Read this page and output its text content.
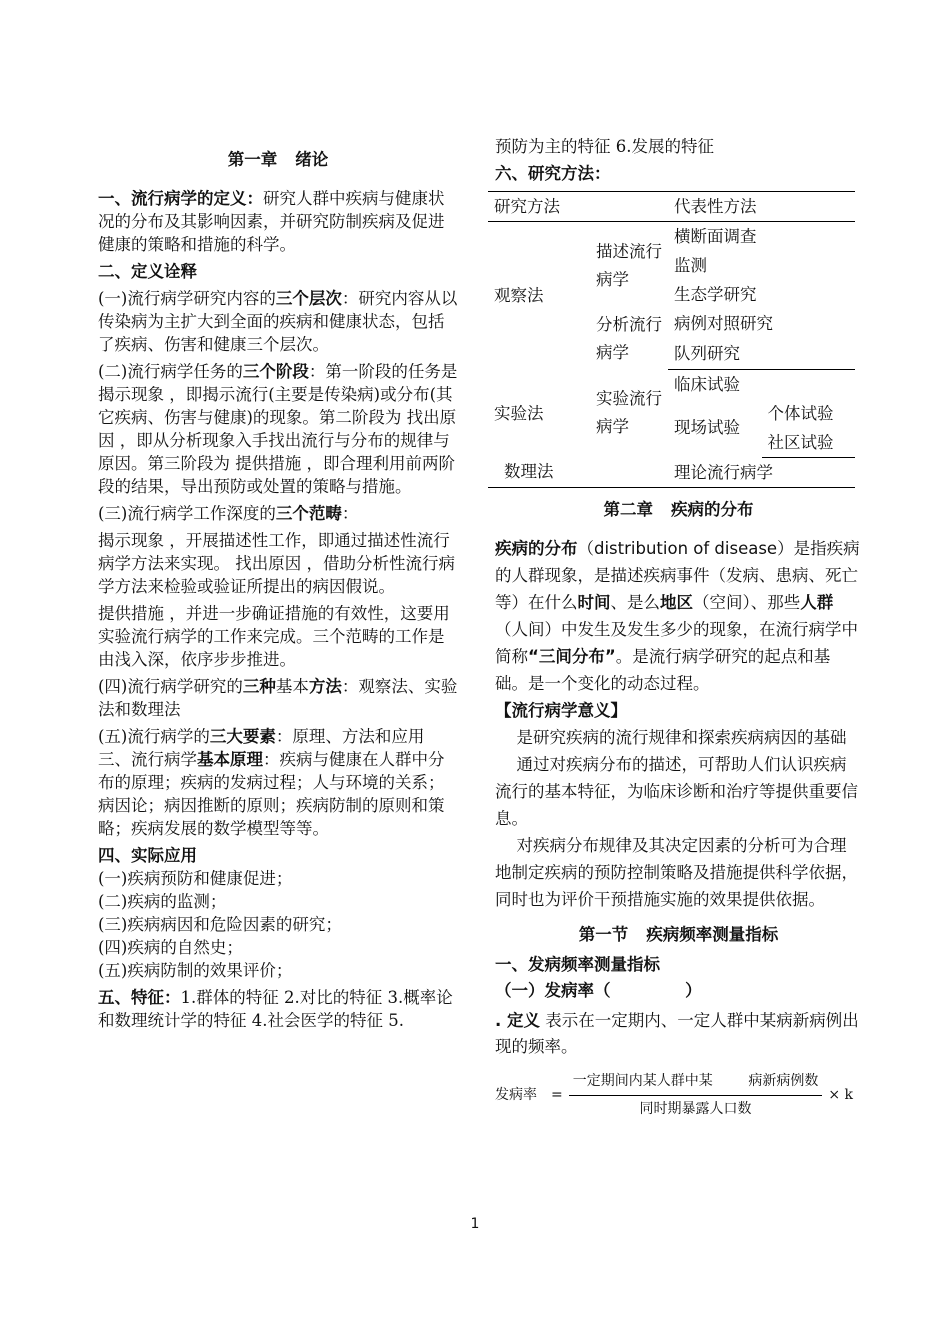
第一章 绪论

一、流行病学的定义：研究人群中疾病与健康状况的分布及其影响因素，并研究防制疾病及促进健康的策略和措施的科学。

二、定义诠释

(一)流行病学研究内容的三个层次：研究内容从以传染病为主扩大到全面的疾病和健康状态，包括了疾病、伤害和健康三个层次。

(二)流行病学任务的三个阶段：第一阶段的任务是 揭示现象 ，即揭示流行(主要是传染病)或分布(其它疾病、伤害与健康)的现象。第二阶段为 找出原因 ，即从分析现象入手找出流行与分布的规律与原因。第三阶段为 提供措施 ，即合理利用前两阶段的结果，导出预防或处置的策略与措施。

(三)流行病学工作深度的三个范畴：

揭示现象 ，开展描述性工作，即通过描述性流行病学方法来实现。 找出原因 ，借助分析性流行病学方法来检验或验证所提出的病因假说。

提供措施 ，并进一步确证措施的有效性，这要用实验流行病学的工作来完成。三个范畴的工作是由浅入深，依序步步推进。

(四)流行病学研究的三种基本方法：观察法、实验法和数理法

(五)流行病学的三大要素：原理、方法和应用

三、流行病学基本原理：疾病与健康在人群中分布的原理；疾病的发病过程；人与环境的关系；病因论；病因推断的原则；疾病防制的原则和策略；疾病发展的数学模型等等。

四、实际应用

(一)疾病预防和健康促进；

(二)疾病的监测；

(三)疾病病因和危险因素的研究；

(四)疾病的自然史；

(五)疾病防制的效果评价；

五、特征：1.群体的特征 2.对比的特征 3.概率论和数理统计学的特征 4.社会医学的特征 5.

预防为主的特征 6.发展的特征

六、研究方法：

研究方法		代表性方法	
观察法	描述流行病学	横断面调查	
		监测	
		生态学研究	
	分析流行病学	病例对照研究	
		队列研究	
实验法	实验流行病学	临床试验	
		现场试验	个体试验
			社区试验
数理法		理论流行病学	

第二章 疾病的分布

疾病的分布（distribution of disease）是指疾病的人群现象，是描述疾病事件（发病、患病、死亡等）在什么时间、是么地区（空间）、那些人群（人间）中发生及发生多少的现象，在流行病学中简称“三间分布”。是流行病学研究的起点和基础。是一个变化的动态过程。

【流行病学意义】

是研究疾病的流行规律和探索疾病病因的基础

通过对疾病分布的描述，可帮助人们认识疾病流行的基本特征，为临床诊断和治疗等提供重要信息。

对疾病分布规律及其决定因素的分析可为合理地制定疾病的预防控制策略及措施提供科学依据，同时也为评价干预措施实施的效果提供依据。

第一节 疾病频率测量指标

一、发病频率测量指标

（一）发病率（             ）

. 定义 表示在一定期内、一定人群中某病新病例出现的频率。

发病率 = $\frac{\text{一定期间内某人群中某        病新病例数}}{\text{同时期暴露人口数}} \times k$
1
